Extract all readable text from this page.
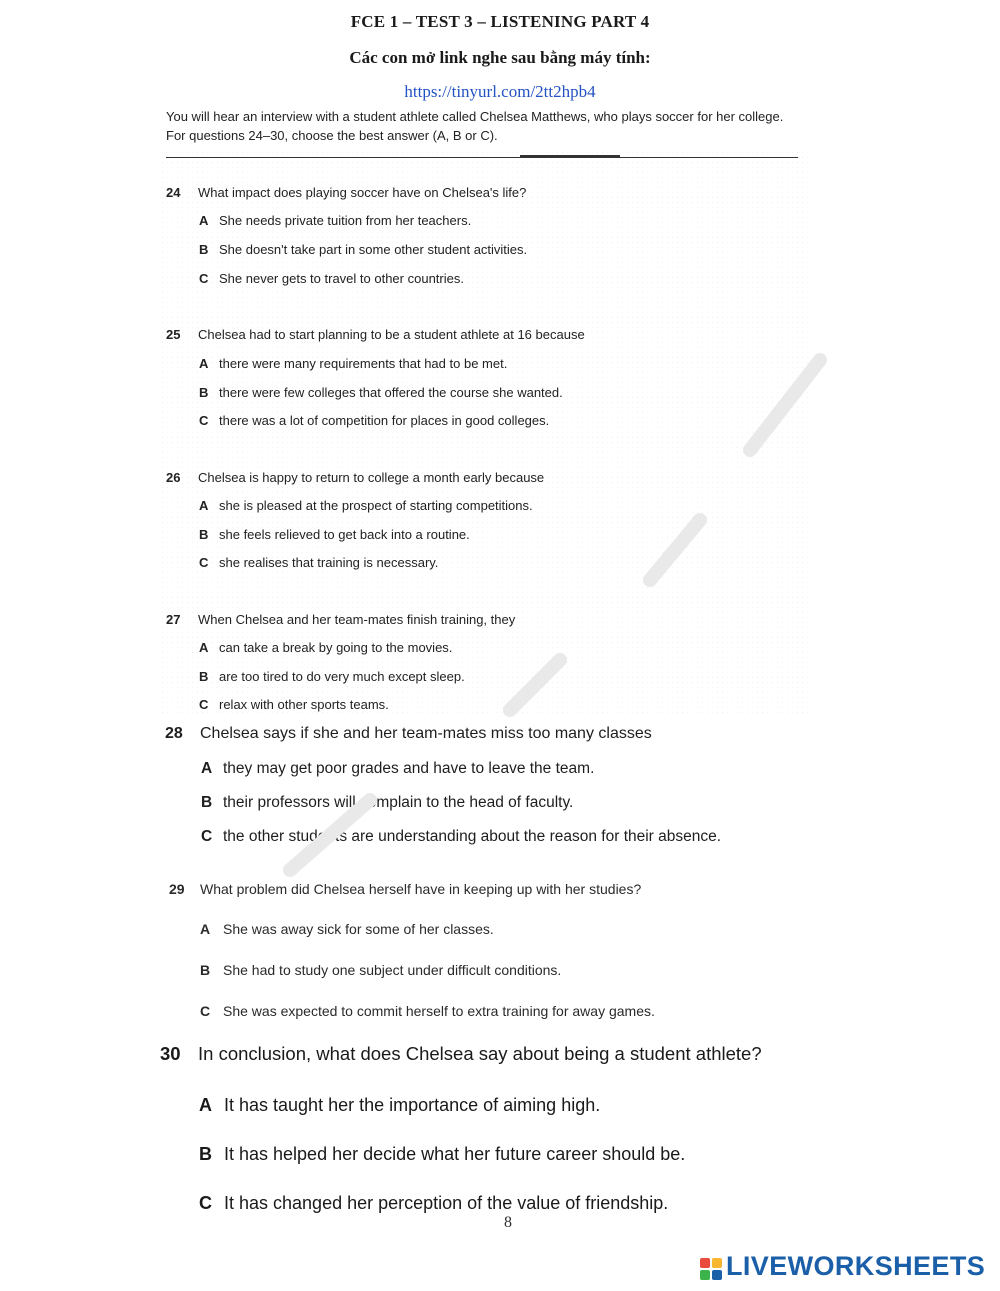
FCE 1 – TEST 3 – LISTENING PART 4
Các con mở link nghe sau bằng máy tính:
https://tinyurl.com/2tt2hpb4
You will hear an interview with a student athlete called Chelsea Matthews, who plays soccer for her college. For questions 24–30, choose the best answer (A, B or C).
24 What impact does playing soccer have on Chelsea's life?
A She needs private tuition from her teachers.
B She doesn't take part in some other student activities.
C She never gets to travel to other countries.
25 Chelsea had to start planning to be a student athlete at 16 because
A there were many requirements that had to be met.
B there were few colleges that offered the course she wanted.
C there was a lot of competition for places in good colleges.
26 Chelsea is happy to return to college a month early because
A she is pleased at the prospect of starting competitions.
B she feels relieved to get back into a routine.
C she realises that training is necessary.
27 When Chelsea and her team-mates finish training, they
A can take a break by going to the movies.
B are too tired to do very much except sleep.
C relax with other sports teams.
28 Chelsea says if she and her team-mates miss too many classes
A they may get poor grades and have to leave the team.
B their professors will complain to the head of faculty.
C the other students are understanding about the reason for their absence.
29 What problem did Chelsea herself have in keeping up with her studies?
A She was away sick for some of her classes.
B She had to study one subject under difficult conditions.
C She was expected to commit herself to extra training for away games.
30 In conclusion, what does Chelsea say about being a student athlete?
A It has taught her the importance of aiming high.
B It has helped her decide what her future career should be.
C It has changed her perception of the value of friendship.
8
LIVEWORKSHEETS
